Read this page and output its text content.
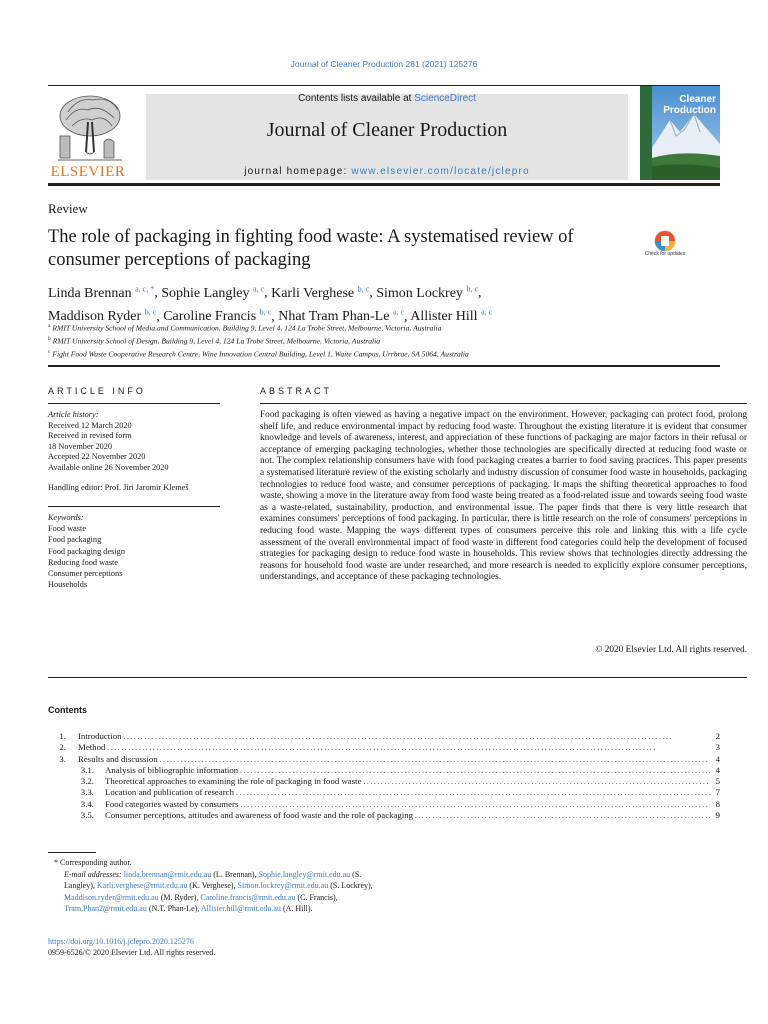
Journal of Cleaner Production 281 (2021) 125276
ELSEVIER
Contents lists available at ScienceDirect
Journal of Cleaner Production
journal homepage: www.elsevier.com/locate/jclepro
Cleaner
Production
Review
The role of packaging in fighting food waste: A systematised review of consumer perceptions of packaging	Check for updates
Linda Brennan $^{a, c, *}$, Sophie Langley $^{a, c}$, Karli Verghese $^{b, c}$, Simon Lockrey $^{b, c}$,
Maddison Ryder $^{b, c}$, Caroline Francis $^{b, c}$, Nhat Tram Phan-Le $^{a, c}$, Allister Hill $^{a, c}$
$^a$ RMIT University School of Media and Communication, Building 9, Level 4, 124 La Trobe Street, Melbourne, Victoria, Australia
$^b$ RMIT University School of Design, Building 9, Level 4, 124 La Trobe Street, Melbourne, Victoria, Australia
$^c$ Fight Food Waste Cooperative Research Centre, Wine Innovation Central Building, Level 1, Waite Campus, Urrbrae, SA 5064, Australia
ARTICLE INFO
Article history:
Received 12 March 2020
Received in revised form
18 November 2020
Accepted 22 November 2020
Available online 26 November 2020
Handling editor: Prof. Jiri Jaromir Klemeš
Keywords:
Food waste
Food packaging
Food packaging design
Reducing food waste
Consumer perceptions
Households
ABSTRACT
Food packaging is often viewed as having a negative impact on the environment. However, packaging can protect food, prolong shelf life, and reduce environmental impact by reducing food waste. Throughout the existing literature it is evident that consumer knowledge and levels of awareness, interest, and appreciation of these functions of packaging are major factors in their refusal or acceptance of emerging packaging technologies, whether those technologies are specifically directed at reducing food waste or not. The complex relationship consumers have with food packaging creates a barrier to food saving practices. This paper presents a systematised literature review of the existing scholarly and industry discussion of consumer food waste in households, packaging technologies to reduce food waste, and consumer perceptions of packaging. It maps the shifting theoretical approaches to food waste, showing a move in the literature away from food waste being treated as a food-related issue and towards seeing food waste as a waste-related, sustainability, production, and environmental issue. The paper finds that there is very little research that examines consumers' perceptions of food packaging. In particular, there is little research on the role of consumers' perceptions in reducing food waste. Mapping the ways different types of consumers perceive this role and linking this with a life cycle assessment of the overall environmental impact of food waste in different food categories could help the development of focused strategies for packaging design to reduce food waste in households. This review shows that technologies directly addressing the reasons for household food waste are under researched, and more research is needed to explicitly explore consumer perceptions, understandings, and acceptance of these packaging technologies.
© 2020 Elsevier Ltd. All rights reserved.
Contents
1.	Introduction . . .	2
2.	Method . . .	3
3.	Results and discussion . . .	4
3.1.	Analysis of bibliographic information . . .	4
3.2.	Theoretical approaches to examining the role of packaging in food waste . . .	5
3.3.	Location and publication of research . . .	7
3.4.	Food categories wasted by consumers . . .	8
3.5.	Consumer perceptions, attitudes and awareness of food waste and the role of packaging . . .	9
* Corresponding author.
E-mail addresses: linda.brennan@rmit.edu.au (L. Brennan), Sophie.langley@rmit.edu.au (S. Langley), Karli.verghese@rmit.edu.au (K. Verghese), Simon.lockrey@rmit.edu.au (S. Lockrey), Maddison.ryder@rmit.edu.au (M. Ryder), Caroline.francis@rmit.edu.au (C. Francis), Tram.Phan2@rmit.edu.au (N.T. Phan-Le), Allister.hill@rmit.edu.au (A. Hill).
https://doi.org/10.1016/j.jclepro.2020.125276
0959-6526/© 2020 Elsevier Ltd. All rights reserved.
